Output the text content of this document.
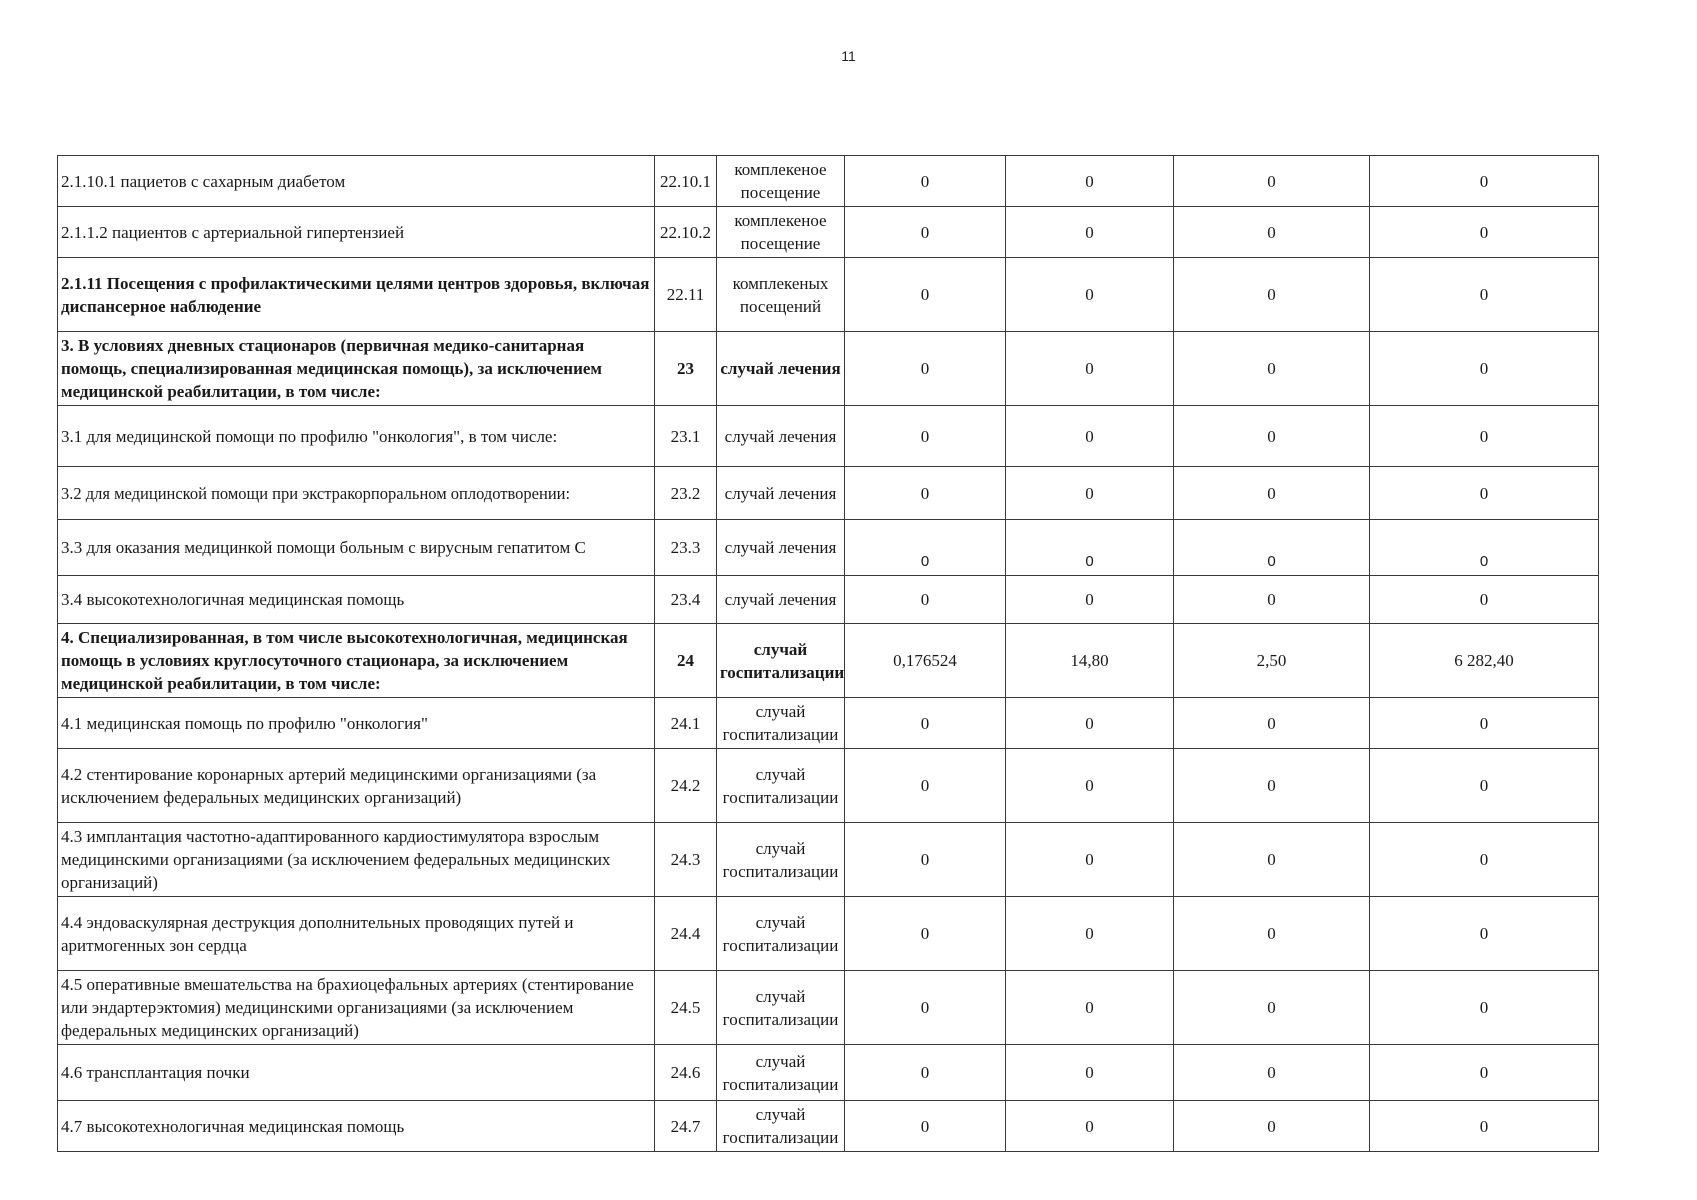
11
2.1.10.1 пациетов с сахарным диабетом	22.10.1	комплекеное посещение	0	0	0	0
2.1.1.2 пациентов с артериальной гипертензией	22.10.2	комплекеное посещение	0	0	0	0
2.1.11 Посещения с профилактическими целями центров здоровья, включая диспансерное наблюдение	22.11	комплекеных посещений	0	0	0	0
3. В условиях дневных стационаров (первичная медико-санитарная помощь, специализированная медицинская помощь), за исключением медицинской реабилитации, в том числе:	23	случай лечения	0	0	0	0
3.1 для медицинской помощи по профилю "онкология", в том числе:	23.1	случай лечения	0	0	0	0
3.2 для медицинской помощи при экстракорпоральном оплодотворении:	23.2	случай лечения	0	0	0	0
3.3 для оказания медицинкой помощи больным с вирусным гепатитом С	23.3	случай лечения	0	0	0	0
3.4 высокотехнологичная медицинская помощь	23.4	случай лечения	0	0	0	0
4. Специализированная, в том числе высокотехнологичная, медицинская помощь в условиях круглосуточного стационара, за исключением медицинской реабилитации, в том числе:	24	случай госпитализации	0,176524	14,80	2,50	6 282,40
4.1 медицинская помощь по профилю "онкология"	24.1	случай госпитализации	0	0	0	0
4.2 стентирование коронарных артерий медицинскими организациями (за исключением федеральных медицинских организаций)	24.2	случай госпитализации	0	0	0	0
4.3 имплантация частотно-адаптированного кардиостимулятора взрослым медицинскими организациями (за исключением федеральных медицинских организаций)	24.3	случай госпитализации	0	0	0	0
4.4 эндоваскулярная деструкция дополнительных проводящих путей и аритмогенных зон сердца	24.4	случай госпитализации	0	0	0	0
4.5 оперативные вмешательства на брахиоцефальных артериях (стентирование или эндартерэктомия) медицинскими организациями (за исключением федеральных медицинских организаций)	24.5	случай госпитализации	0	0	0	0
4.6 трансплантация почки	24.6	случай госпитализации	0	0	0	0
4.7 высокотехнологичная медицинская помощь	24.7	случай госпитализации	0	0	0	0
